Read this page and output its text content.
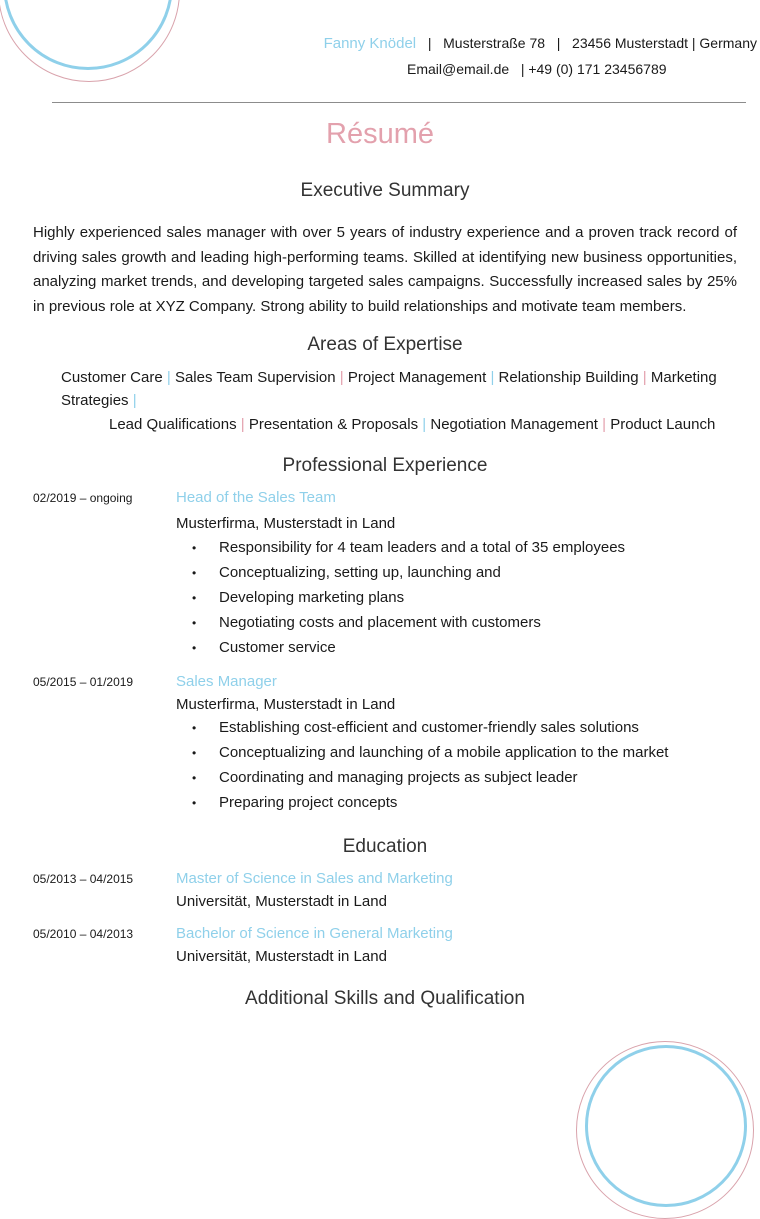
Fanny Knödel | Musterstraße 78 | 23456 Musterstadt | Germany
Email@email.de | +49 (0) 171 23456789
Résumé
Executive Summary

Highly experienced sales manager with over 5 years of industry experience and a proven track record of driving sales growth and leading high-performing teams. Skilled at identifying new business opportunities, analyzing market trends, and developing targeted sales campaigns. Successfully increased sales by 25% in previous role at XYZ Company. Strong ability to build relationships and motivate team members.

Areas of Expertise
Customer Care | Sales Team Supervision | Project Management | Relationship Building | Marketing
Strategies |
Lead Qualifications | Presentation & Proposals | Negotiation Management | Product Launch
Professional Experience
02/2019 – ongoing	Head of the Sales Team
Musterfirma, Musterstadt in Land
• Responsibility for 4 team leaders and a total of 35 employees
• Conceptualizing, setting up, launching and
• Developing marketing plans
• Negotiating costs and placement with customers
• Customer service
05/2015 – 01/2019	Sales Manager
Musterfirma, Musterstadt in Land
• Establishing cost-efficient and customer-friendly sales solutions
• Conceptualizing and launching of a mobile application to the market
• Coordinating and managing projects as subject leader
• Preparing project concepts
Education
05/2013 – 04/2015	Master of Science in Sales and Marketing
Universität, Musterstadt in Land
05/2010 – 04/2013	Bachelor of Science in General Marketing
Universität, Musterstadt in Land
Additional Skills and Qualification
